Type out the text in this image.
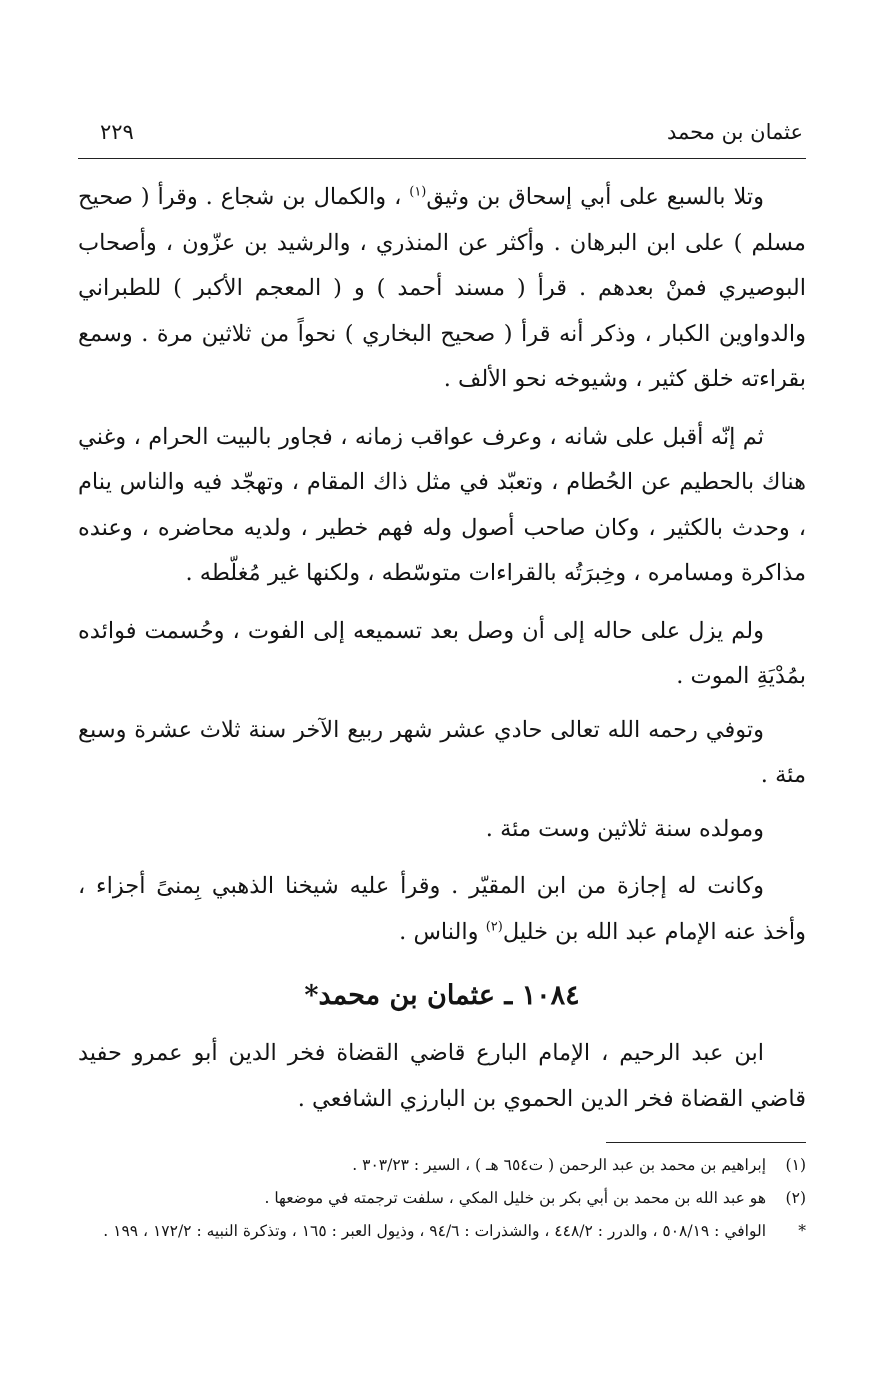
عثمان بن محمد
٢٢٩

وتلا بالسبع على أبي إسحاق بن وثيق$^{(١)}$ ، والكمال بن شجاع . وقرأ ( صحيح مسلم ) على ابن البرهان . وأكثر عن المنذري ، والرشيد بن عزّون ، وأصحاب البوصيري فمنْ بعدهم . قرأ ( مسند أحمد ) و ( المعجم الأكبر ) للطبراني والدواوين الكبار ، وذكر أنه قرأ ( صحيح البخاري ) نحواً من ثلاثين مرة . وسمع بقراءته خلق كثير ، وشيوخه نحو الألف .

ثم إنّه أقبل على شانه ، وعرف عواقب زمانه ، فجاور بالبيت الحرام ، وغني هناك بالحطيم عن الحُطام ، وتعبّد في مثل ذاك المقام ، وتهجّد فيه والناس ينام ، وحدث بالكثير ، وكان صاحب أصول وله فهم خطير ، ولديه محاضره ، وعنده مذاكرة ومسامره ، وخِبرَتُه بالقراءات متوسّطه ، ولكنها غير مُغلّطه .

ولم يزل على حاله إلى أن وصل بعد تسميعه إلى الفوت ، وحُسمت فوائده بمُدْيَةِ الموت .

وتوفي رحمه الله تعالى حادي عشر شهر ربيع الآخر سنة ثلاث عشرة وسبع مئة .

ومولده سنة ثلاثين وست مئة .

وكانت له إجازة من ابن المقيّر . وقرأ عليه شيخنا الذهبي بِمنىً أجزاء ، وأخذ عنه الإمام عبد الله بن خليل$^{(٢)}$ والناس .

١٠٨٤ ـ عثمان بن محمد*

ابن عبد الرحيم ، الإمام البارع قاضي القضاة فخر الدين أبو عمرو حفيد قاضي القضاة فخر الدين الحموي بن البارزي الشافعي .

(١)
إبراهيم بن محمد بن عبد الرحمن ( ت٦٥٤ هـ ) ، السير : ٣٠٣/٢٣ .
(٢)
هو عبد الله بن محمد بن أبي بكر بن خليل المكي ، سلفت ترجمته في موضعها .
*
الوافي : ٥٠٨/١٩ ، والدرر : ٤٤٨/٢ ، والشذرات : ٩٤/٦ ، وذيول العبر : ١٦٥ ، وتذكرة النبيه : ١٧٢/٢ ، ١٩٩ .
